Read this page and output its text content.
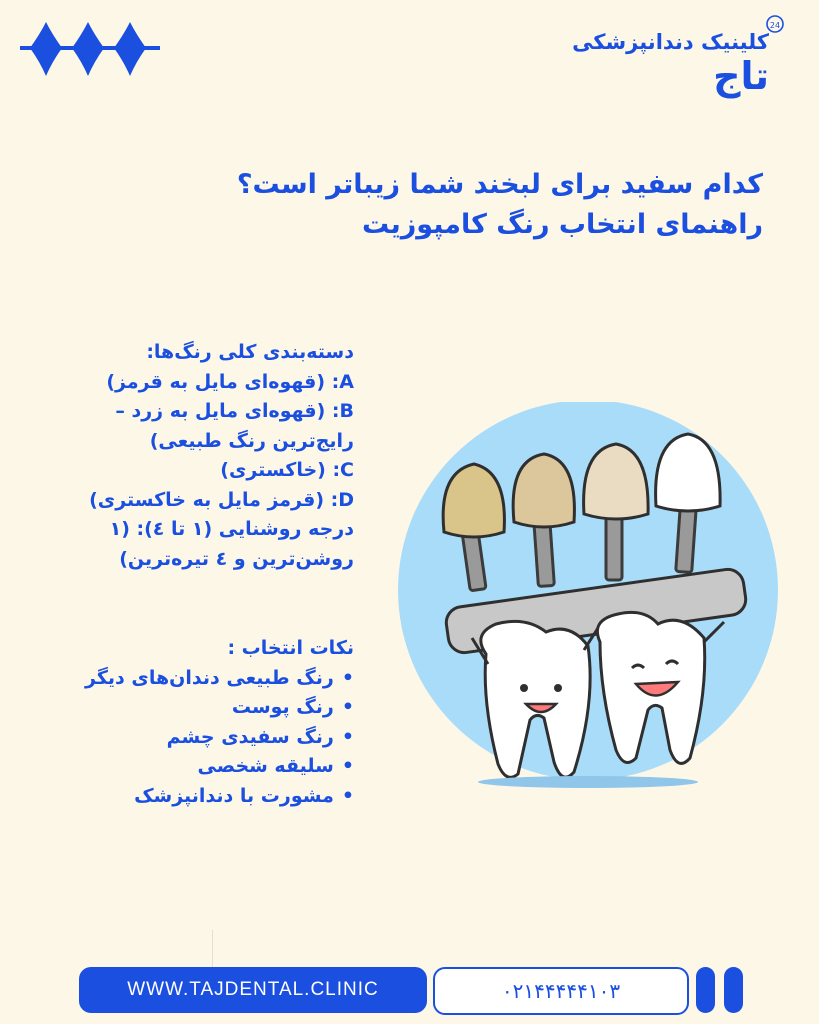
کلینیک دندانپزشکی
تاج
24
کدام سفید برای لبخند شما زیباتر است؟
راهنمای انتخاب رنگ کامپوزیت
دسته‌بندی کلی رنگ‌ها:
A: (قهوه‌ای مایل به قرمز)
B: (قهوه‌ای مایل به زرد – رایج‌ترین رنگ طبیعی)
C: (خاکستری)
D: (قرمز مایل به خاکستری)
درجه روشنایی (۱ تا ٤): (۱ روشن‌ترین و ٤ تیره‌ترین)
نکات انتخاب :
• رنگ طبیعی دندان‌های دیگر
• رنگ پوست
• رنگ سفیدی چشم
• سلیقه شخصی
• مشورت با دندانپزشک
WWW.TAJDENTAL.CLINIC	۰۲۱۴۴۴۴۴۱۰۳
